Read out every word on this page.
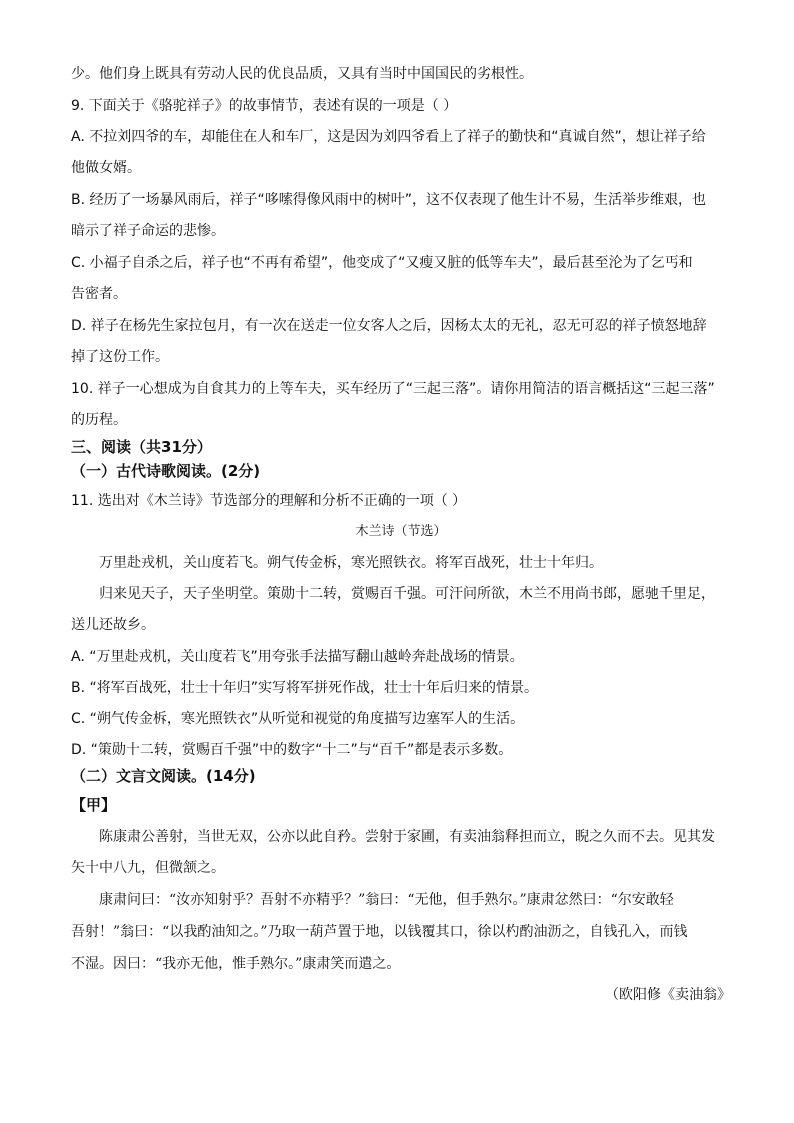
少。他们身上既具有劳动人民的优良品质，又具有当时中国国民的劣根性。
9. 下面关于《骆驼祥子》的故事情节，表述有误的一项是（ ）
A. 不拉刘四爷的车，却能住在人和车厂，这是因为刘四爷看上了祥子的勤快和“真诚自然”，想让祥子给
他做女婿。
B. 经历了一场暴风雨后，祥子“哆嗦得像风雨中的树叶”，这不仅表现了他生计不易，生活举步维艰，也
暗示了祥子命运的悲惨。
C. 小福子自杀之后，祥子也“不再有希望”，他变成了“又瘦又脏的低等车夫”，最后甚至沦为了乞丐和
告密者。
D. 祥子在杨先生家拉包月，有一次在送走一位女客人之后，因杨太太的无礼，忍无可忍的祥子愤怒地辞
掉了这份工作。
10. 祥子一心想成为自食其力的上等车夫，买车经历了“三起三落”。请你用简洁的语言概括这“三起三落”
的历程。
三、阅读（共31分）
（一）古代诗歌阅读。(2分)
11. 选出对《木兰诗》节选部分的理解和分析不正确的一项（ ）
木兰诗（节选）
万里赴戎机，关山度若飞。朔气传金柝，寒光照铁衣。将军百战死，壮士十年归。
归来见天子，天子坐明堂。策勋十二转，赏赐百千强。可汗问所欲，木兰不用尚书郎，愿驰千里足，
送儿还故乡。
A. “万里赴戎机，关山度若飞”用夸张手法描写翻山越岭奔赴战场的情景。
B. “将军百战死，壮士十年归”实写将军拼死作战，壮士十年后归来的情景。
C. “朔气传金柝，寒光照铁衣”从听觉和视觉的角度描写边塞军人的生活。
D. “策勋十二转，赏赐百千强”中的数字“十二”与“百千”都是表示多数。
（二）文言文阅读。(14分)
【甲】
陈康肃公善射，当世无双，公亦以此自矜。尝射于家圃，有卖油翁释担而立，睨之久而不去。见其发
矢十中八九，但微颔之。
康肃问曰：“汝亦知射乎？吾射不亦精乎？”翁曰：“无他，但手熟尔。”康肃忿然曰：“尔安敢轻
吾射！”翁曰：“以我酌油知之。”乃取一葫芦置于地，以钱覆其口，徐以杓酌油沥之，自钱孔入，而钱
不湿。因曰：“我亦无他，惟手熟尔。”康肃笑而遣之。
（欧阳修《卖油翁》
